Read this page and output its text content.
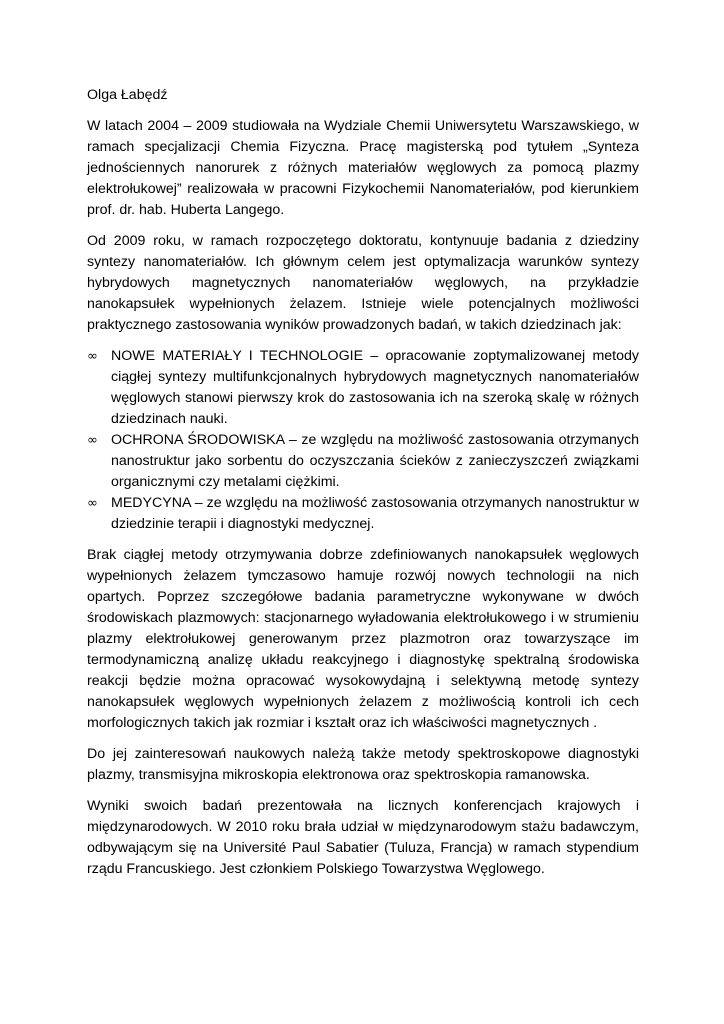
Olga Łabędź

W latach 2004 – 2009 studiowała na Wydziale Chemii Uniwersytetu Warszawskiego, w ramach specjalizacji Chemia Fizyczna. Pracę magisterską pod tytułem „Synteza jednościennych nanorurek z różnych materiałów węglowych za pomocą plazmy elektrołukowej” realizowała w pracowni Fizykochemii Nanomateriałów, pod kierunkiem prof. dr. hab. Huberta Langego.

Od 2009 roku, w ramach rozpoczętego doktoratu, kontynuuje badania z dziedziny syntezy nanomateriałów. Ich głównym celem jest optymalizacja warunków syntezy hybrydowych magnetycznych nanomateriałów węglowych, na przykładzie nanokapsułek wypełnionych żelazem. Istnieje wiele potencjalnych możliwości praktycznego zastosowania wyników prowadzonych badań, w takich dziedzinach jak:

∞ NOWE MATERIAŁY I TECHNOLOGIE – opracowanie zoptymalizowanej metody ciągłej syntezy multifunkcjonalnych hybrydowych magnetycznych nanomateriałów węglowych stanowi pierwszy krok do zastosowania ich na szeroką skalę w różnych dziedzinach nauki.
∞ OCHRONA ŚRODOWISKA – ze względu na możliwość zastosowania otrzymanych nanostruktur jako sorbentu do oczyszczania ścieków z zanieczyszczeń związkami organicznymi czy metalami ciężkimi.
∞ MEDYCYNA – ze względu na możliwość zastosowania otrzymanych nanostruktur w dziedzinie terapii i diagnostyki medycznej.

Brak ciągłej metody otrzymywania dobrze zdefiniowanych nanokapsułek węglowych wypełnionych żelazem tymczasowo hamuje rozwój nowych technologii na nich opartych. Poprzez szczegółowe badania parametryczne wykonywane w dwóch środowiskach plazmowych: stacjonarnego wyładowania elektrołukowego i w strumieniu plazmy elektrołukowej generowanym przez plazmotron oraz towarzyszące im termodynamiczną analizę układu reakcyjnego i diagnostykę spektralną środowiska reakcji będzie można opracować wysokowydajną i selektywną metodę syntezy nanokapsułek węglowych wypełnionych żelazem z możliwością kontroli ich cech morfologicznych takich jak rozmiar i kształt oraz ich właściwości magnetycznych .

Do jej zainteresowań naukowych należą także metody spektroskopowe diagnostyki plazmy, transmisyjna mikroskopia elektronowa oraz spektroskopia ramanowska.

Wyniki swoich badań prezentowała na licznych konferencjach krajowych i międzynarodowych. W 2010 roku brała udział w międzynarodowym stażu badawczym, odbywającym się na Université Paul Sabatier (Tuluza, Francja) w ramach stypendium rządu Francuskiego. Jest członkiem Polskiego Towarzystwa Węglowego.
